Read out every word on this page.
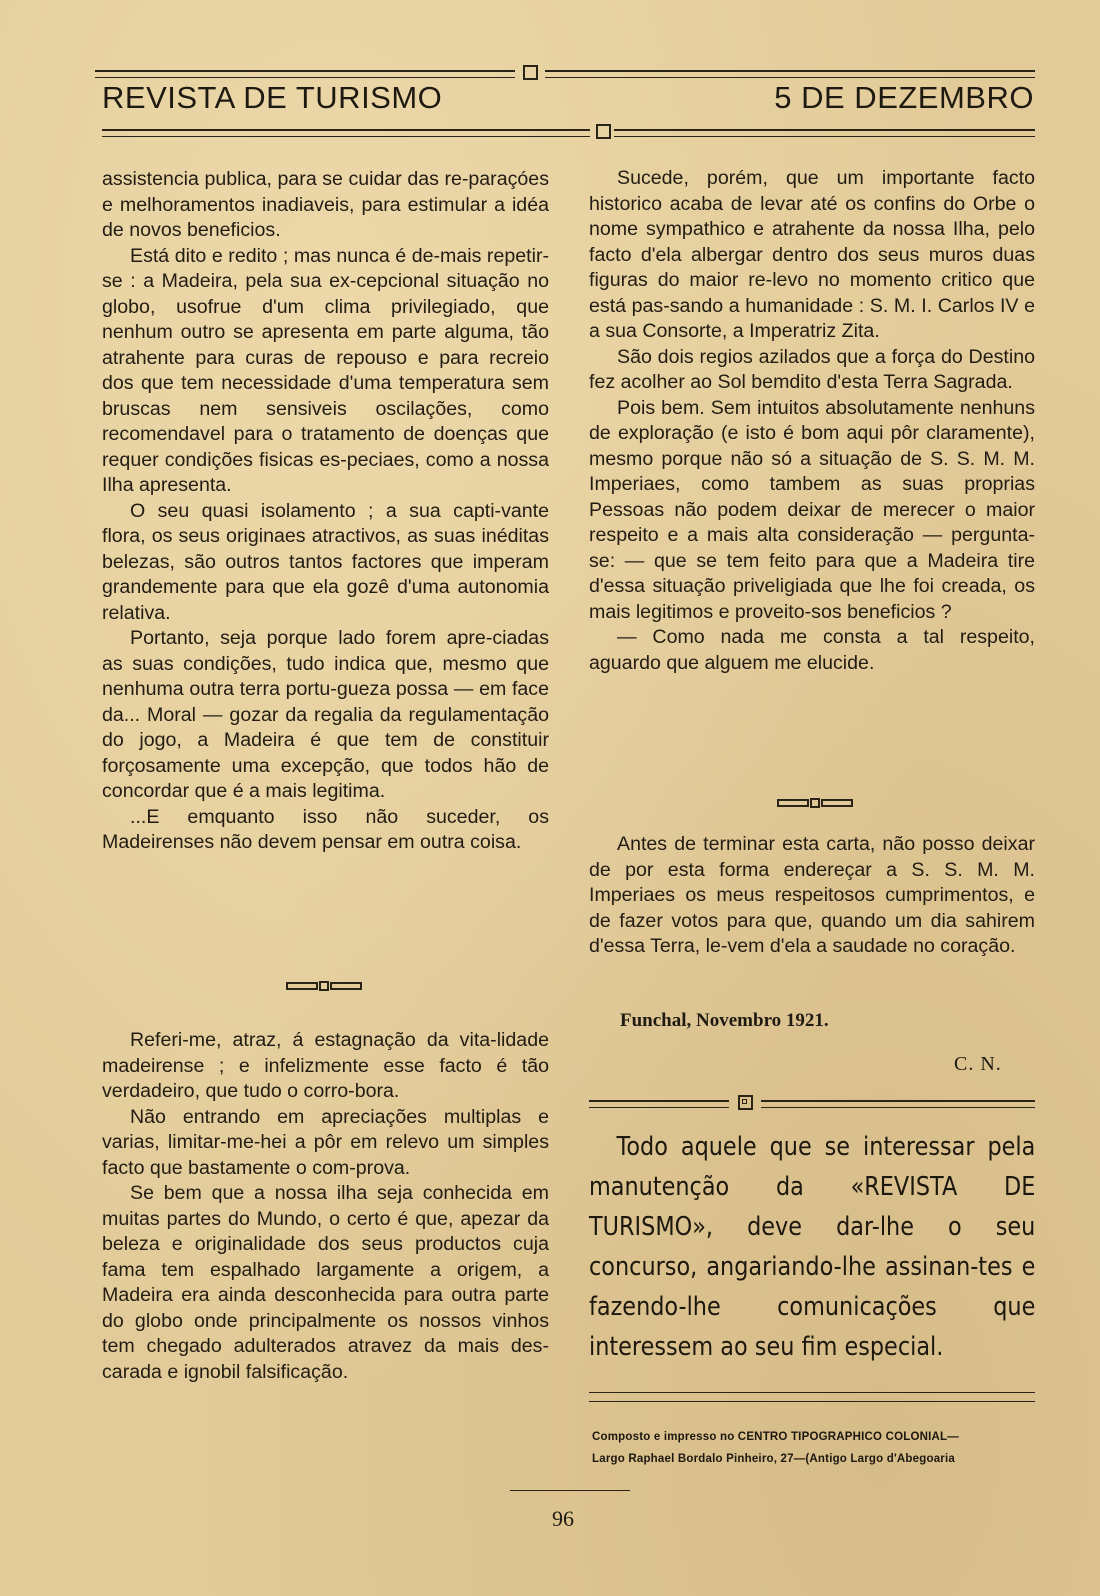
REVISTA DE TURISMO	5 DE DEZEMBRO

assistencia publica, para se cuidar das re-paraçóes e melhoramentos inadiaveis, para estimular a idéa de novos beneficios.

Está dito e redito ; mas nunca é de-mais repetir-se : a Madeira, pela sua ex-cepcional situação no globo, usofrue d'um clima privilegiado, que nenhum outro se apresenta em parte alguma, tão atrahente para curas de repouso e para recreio dos que tem necessidade d'uma temperatura sem bruscas nem sensiveis oscilações, como recomendavel para o tratamento de doenças que requer condições fisicas es-peciaes, como a nossa Ilha apresenta.

O seu quasi isolamento ; a sua capti-vante flora, os seus originaes atractivos, as suas inéditas belezas, são outros tantos factores que imperam grandemente para que ela gozê d'uma autonomia relativa.

Portanto, seja porque lado forem apre-ciadas as suas condições, tudo indica que, mesmo que nenhuma outra terra portu-gueza possa — em face da... Moral — gozar da regalia da regulamentação do jogo, a Madeira é que tem de constituir forçosamente uma excepção, que todos hão de concordar que é a mais legitima.

...E emquanto isso não suceder, os Madeirenses não devem pensar em outra coisa.

Referi-me, atraz, á estagnação da vita-lidade madeirense ; e infelizmente esse facto é tão verdadeiro, que tudo o corro-bora.

Não entrando em apreciações multiplas e varias, limitar-me-hei a pôr em relevo um simples facto que bastamente o com-prova.

Se bem que a nossa ilha seja conhecida em muitas partes do Mundo, o certo é que, apezar da beleza e originalidade dos seus productos cuja fama tem espalhado largamente a origem, a Madeira era ainda desconhecida para outra parte do globo onde principalmente os nossos vinhos tem chegado adulterados atravez da mais des-carada e ignobil falsificação.

Sucede, porém, que um importante facto historico acaba de levar até os confins do Orbe o nome sympathico e atrahente da nossa Ilha, pelo facto d'ela albergar dentro dos seus muros duas figuras do maior re-levo no momento critico que está pas-sando a humanidade : S. M. I. Carlos IV e a sua Consorte, a Imperatriz Zita.

São dois regios azilados que a força do Destino fez acolher ao Sol bemdito d'esta Terra Sagrada.

Pois bem. Sem intuitos absolutamente nenhuns de exploração (e isto é bom aqui pôr claramente), mesmo porque não só a situação de S. S. M. M. Imperiaes, como tambem as suas proprias Pessoas não podem deixar de merecer o maior respeito e a mais alta consideração — pergunta-se: — que se tem feito para que a Madeira tire d'essa situação priveligiada que lhe foi creada, os mais legitimos e proveito-sos beneficios ?

— Como nada me consta a tal respeito, aguardo que alguem me elucide.

Antes de terminar esta carta, não posso deixar de por esta forma endereçar a S. S. M. M. Imperiaes os meus respeitosos cumprimentos, e de fazer votos para que, quando um dia sahirem d'essa Terra, le-vem d'ela a saudade no coração.

Funchal, Novembro 1921.
C. N.

Todo aquele que se interessar pela manutenção da «REVISTA DE TURISMO», deve dar-lhe o seu concurso, angariando-lhe assinan-tes e fazendo-lhe comunicações que interessem ao seu fim especial.

Composto e impresso no CENTRO TIPOGRAPHICO COLONIAL—
Largo Raphael Bordalo Pinheiro, 27—(Antigo Largo d'Abegoaria
96
